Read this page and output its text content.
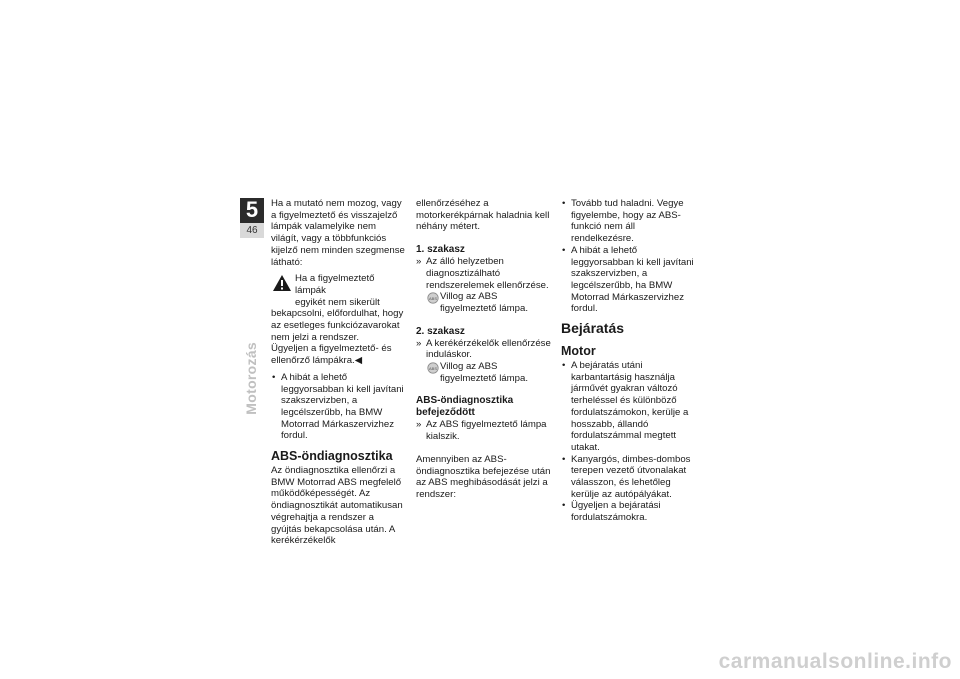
5
46
Motorozás

Ha a mutató nem mozog, vagy a figyelmeztető és visszajelző lámpák valamelyike nem világít, vagy a többfunkciós kijelző nem minden szegmense látható:

Ha a figyelmeztető lámpák

egyikét nem sikerült bekapcsolni, előfordulhat, hogy az esetleges funkciózavarokat nem jelzi a rendszer.

Ügyeljen a figyelmeztető- és ellenőrző lámpákra.◀

• A hibát a lehető leggyorsabban ki kell javítani szakszervizben, a legcélszerűbb, ha BMW Motorrad Márkaszervizhez fordul.

ABS-öndiagnosztika

Az öndiagnosztika ellenőrzi a BMW Motorrad ABS megfelelő működőképességét. Az öndiagnosztikát automatikusan végrehajtja a rendszer a gyújtás bekapcsolása után. A kerékérzékelők

ellenőrzéséhez a motorkerékpárnak haladnia kell néhány métert.

1. szakasz

» Az álló helyzetben diagnosztizálható rendszerelemek ellenőrzése.

ABS Villog az ABS figyelmeztető lámpa.

2. szakasz

» A kerékérzékelők ellenőrzése induláskor.

ABS Villog az ABS figyelmeztető lámpa.

ABS-öndiagnosztika befejeződött

» Az ABS figyelmeztető lámpa kialszik.

Amennyiben az ABS-öndiagnosztika befejezése után az ABS meghibásodását jelzi a rendszer:

• Tovább tud haladni. Vegye figyelembe, hogy az ABS-funkció nem áll rendelkezésre.

• A hibát a lehető leggyorsabban ki kell javítani szakszervizben, a legcélszerűbb, ha BMW Motorrad Márkaszervizhez fordul.

Bejáratás
Motor

• A bejáratás utáni karbantartásig használja járművét gyakran változó terheléssel és különböző fordulatszámokon, kerülje a hosszabb, állandó fordulatszámmal megtett utakat.

• Kanyargós, dimbes-dombos terepen vezető útvonalakat válasszon, és lehetőleg kerülje az autópályákat.

• Ügyeljen a bejáratási fordulatszámokra.

carmanualsonline.info
